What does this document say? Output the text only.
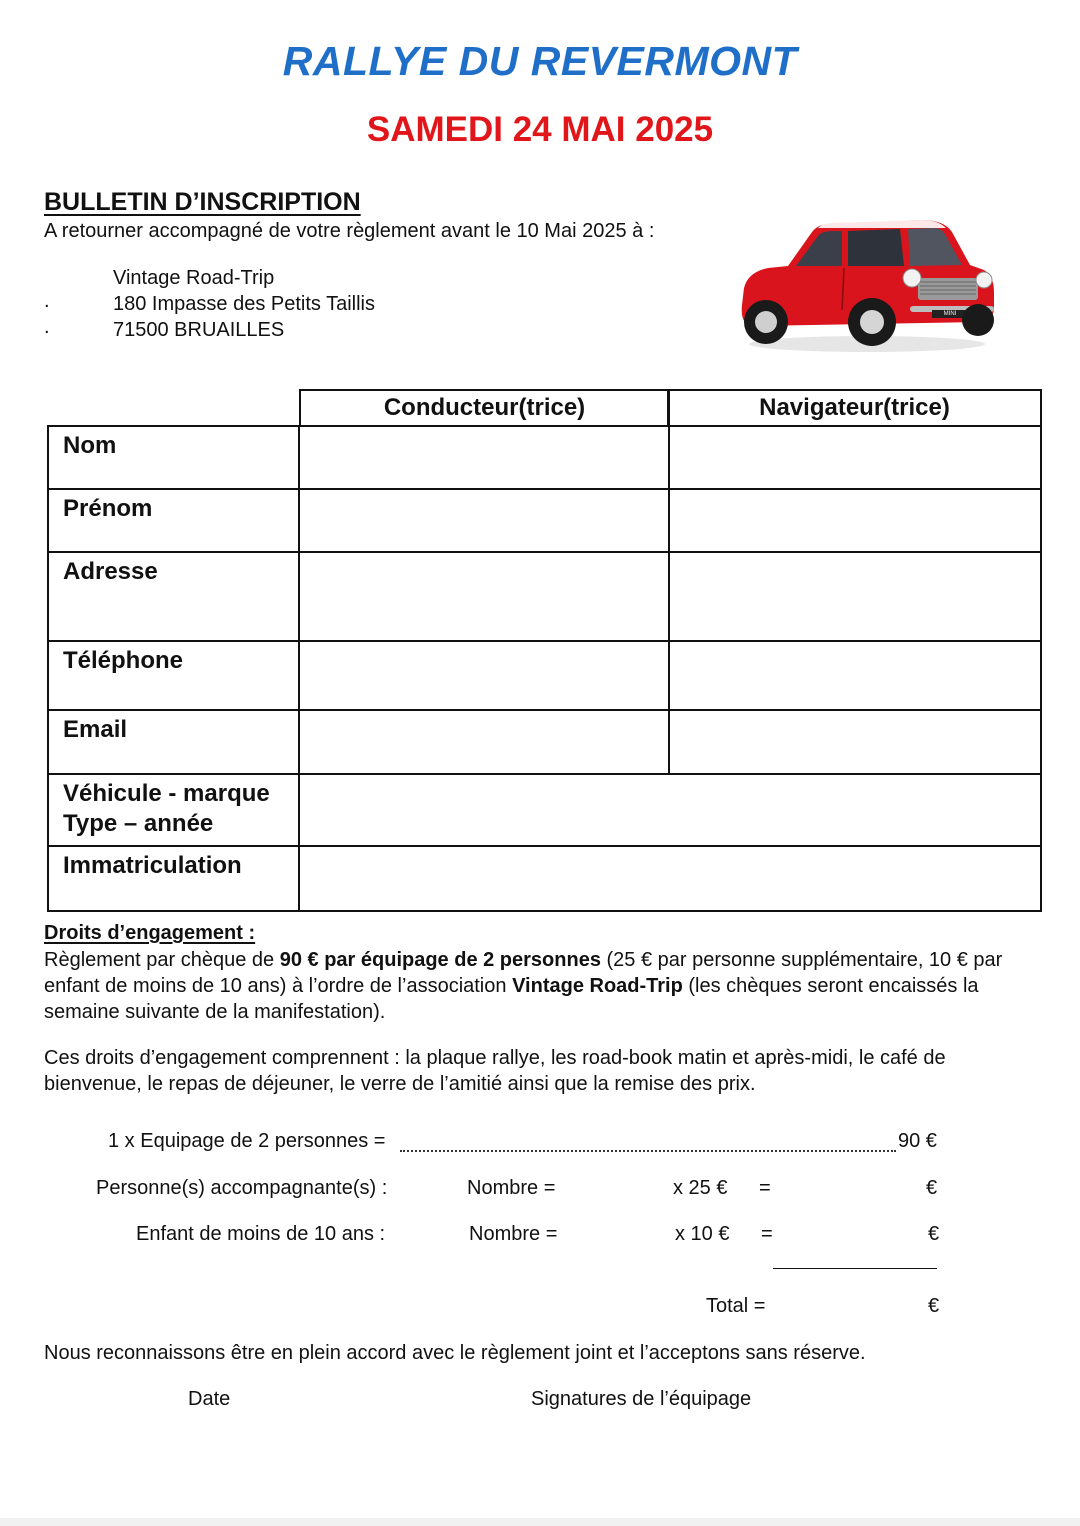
RALLYE DU REVERMONT
SAMEDI 24 MAI 2025
BULLETIN D’INSCRIPTION
A retourner accompagné de votre règlement avant le 10 Mai 2025 à :
Vintage Road-Trip
180 Impasse des Petits Taillis
71500 BRUAILLES
.
.
MINI
Conducteur(trice)	Navigateur(trice)
Nom		
Prénom		
Adresse		
Téléphone		
Email		

Véhicule - marque
Type – année		

Immatriculation		
Droits d’engagement :
Règlement par chèque de 90 € par équipage de 2 personnes (25 € par personne supplémentaire, 10 € par enfant de moins de 10 ans) à l’ordre de l’association Vintage Road-Trip (les chèques seront encaissés la semaine suivante de la manifestation).
Ces droits d’engagement comprennent : la plaque rallye, les road-book matin et après-midi, le café de bienvenue, le repas de déjeuner, le verre de l’amitié ainsi que la remise des prix.
1 x Equipage de 2 personnes =	90 €
Personne(s) accompagnante(s) :	Nombre =	x 25 € =	€
Enfant de moins de 10 ans :	Nombre =	x 10 € =	€
Total =	€
Nous reconnaissons être en plein accord avec le règlement joint et l’acceptons sans réserve.
Date	Signatures de l’équipage
